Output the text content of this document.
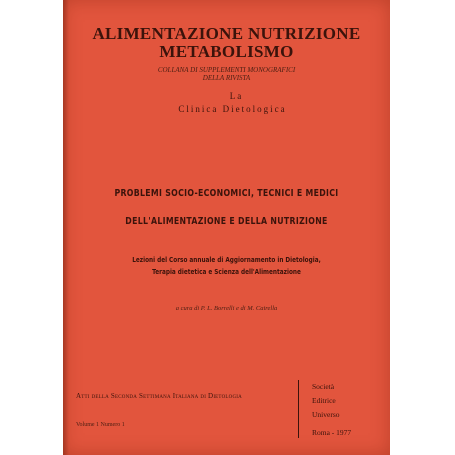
ALIMENTAZIONE NUTRIZIONE

METABOLISMO

COLLANA DI SUPPLEMENTI MONOGRAFICI

DELLA RIVISTA

La

Clinica Dietologica

PROBLEMI SOCIO-ECONOMICI, TECNICI E MEDICI

DELL'ALIMENTAZIONE E DELLA NUTRIZIONE

Lezioni del Corso annuale di Aggiornamento in Dietologia,

Terapia dietetica e Scienza dell'Alimentazione

a cura di P. L. Borrelli e di M. Cairella

Atti della Seconda Settimana Italiana di Dietologia

Volume 1 Numero 1

Società

Editrice

Universo

Roma - 1977
